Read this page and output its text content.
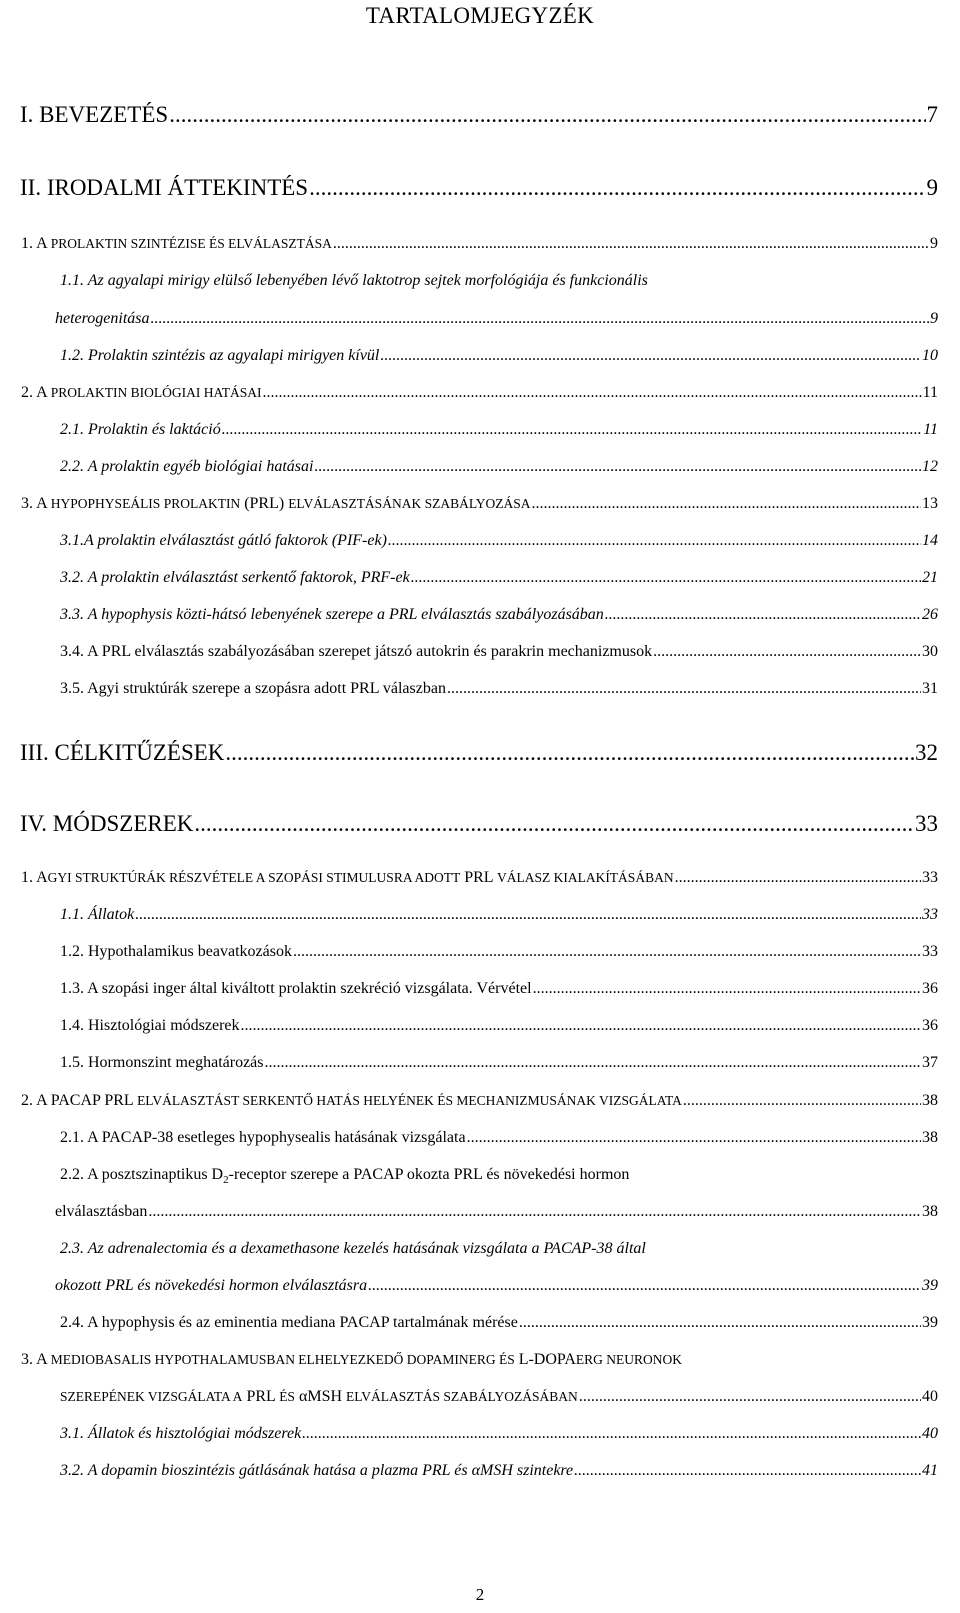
TARTALOMJEGYZÉK
I. BEVEZETÉS .....	7
II. IRODALMI ÁTTEKINTÉS .....	9
1. A PROLAKTIN SZINTÉZISE ÉS ELVÁLASZTÁSA .....	9
1.1. Az agyalapi mirigy elülső lebenyében lévő laktotrop sejtek morfológiája és funkcionális
heterogenitása .....	9
1.2. Prolaktin szintézis az agyalapi mirigyen kívül .....	10
2. A PROLAKTIN BIOLÓGIAI HATÁSAI .....	11
2.1. Prolaktin és laktáció .....	11
2.2. A prolaktin egyéb biológiai hatásai .....	12
3. A HYPOPHYSEÁLIS PROLAKTIN (PRL) ELVÁLASZTÁSÁNAK SZABÁLYOZÁSA .....	13
3.1.A prolaktin elválasztást gátló faktorok (PIF-ek) .....	14
3.2. A prolaktin elválasztást serkentő faktorok, PRF-ek .....	21
3.3. A hypophysis közti-hátsó lebenyének szerepe a PRL elválasztás szabályozásában .....	26
3.4. A PRL elválasztás szabályozásában szerepet játszó autokrin és parakrin mechanizmusok .....	30
3.5. Agyi struktúrák szerepe a szopásra adott PRL válaszban .....	31
III. CÉLKITŰZÉSEK .....	32
IV. MÓDSZEREK .....	33
1. AGYI STRUKTÚRÁK RÉSZVÉTELE A SZOPÁSI STIMULUSRA ADOTT PRL VÁLASZ KIALAKÍTÁSÁBAN .....	33
1.1. Állatok .....	33
1.2. Hypothalamikus beavatkozások .....	33
1.3. A szopási inger által kiváltott prolaktin szekréció vizsgálata. Vérvétel .....	36
1.4. Hisztológiai módszerek .....	36
1.5. Hormonszint meghatározás .....	37
2. A PACAP PRL ELVÁLASZTÁST SERKENTŐ HATÁS HELYÉNEK ÉS MECHANIZMUSÁNAK VIZSGÁLATA .....	38
2.1. A PACAP-38 esetleges hypophysealis hatásának vizsgálata .....	38
2.2. A posztszinaptikus $D_2$-receptor szerepe a PACAP okozta PRL és növekedési hormon
elválasztásban .....	38
2.3. Az adrenalectomia és a dexamethasone kezelés hatásának vizsgálata a PACAP-38 által
okozott PRL és növekedési hormon elválasztásra .....	39
2.4. A hypophysis és az eminentia mediana PACAP tartalmának mérése .....	39
3. A MEDIOBASALIS HYPOTHALAMUSBAN ELHELYEZKEDŐ DOPAMINERG ÉS L-DOPAERG NEURONOK
SZEREPÉNEK VIZSGÁLATA A PRL ÉS αMSH ELVÁLASZTÁS SZABÁLYOZÁSÁBAN .....	40
3.1. Állatok és hisztológiai módszerek .....	40
3.2. A dopamin bioszintézis gátlásának hatása a plazma PRL és αMSH szintekre .....	41
2
